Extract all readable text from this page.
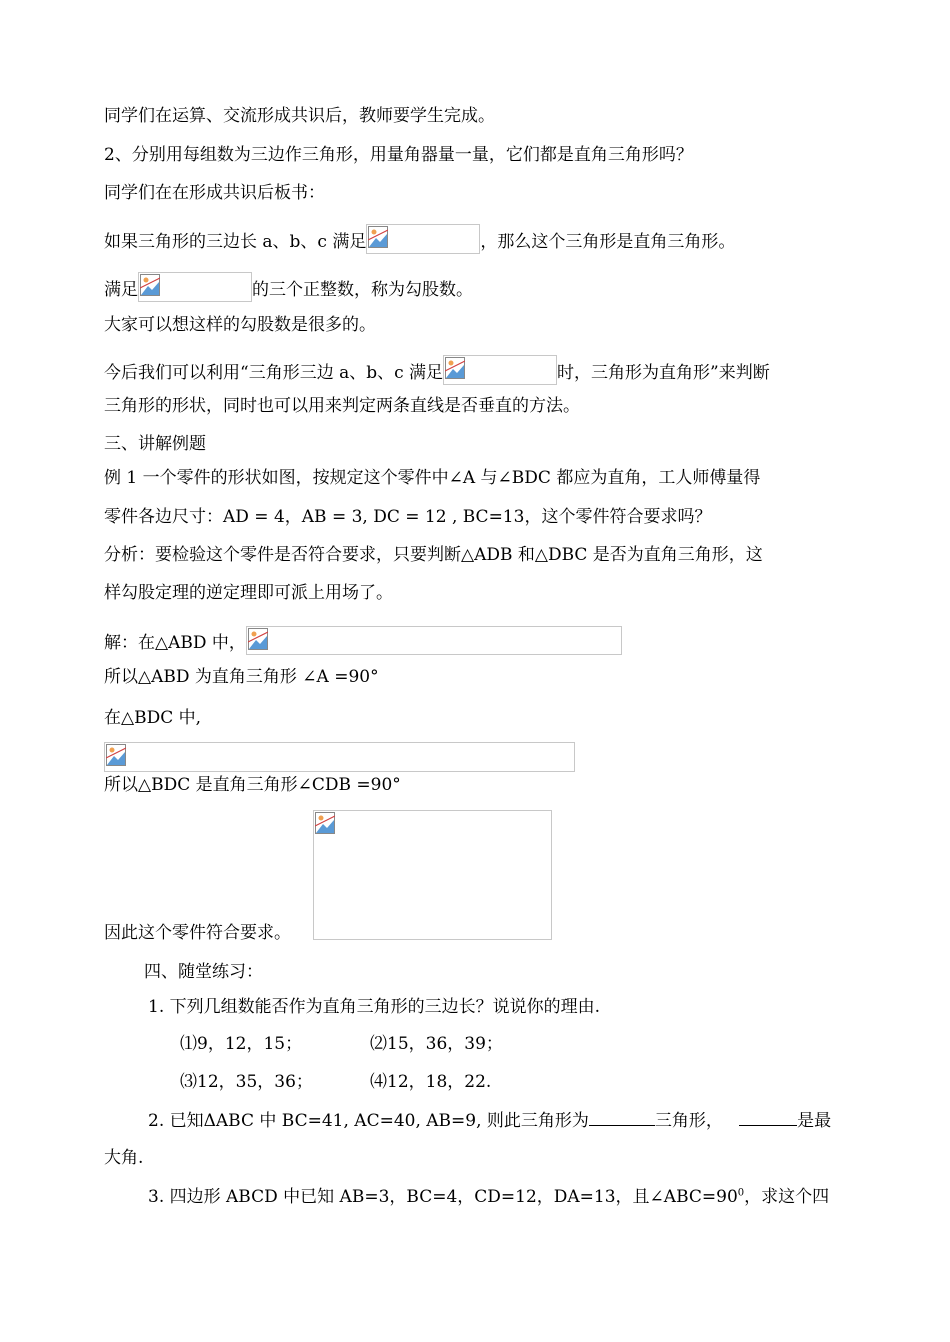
同学们在运算、交流形成共识后，教师要学生完成。
2、分别用每组数为三边作三角形，用量角器量一量，它们都是直角三角形吗？
同学们在在形成共识后板书：
如果三角形的三边长 a、b、c 满足	，那么这个三角形是直角三角形。
满足	的三个正整数，称为勾股数。
大家可以想这样的勾股数是很多的。
今后我们可以利用“三角形三边 a、b、c 满足	时，三角形为直角形”来判断
三角形的形状，同时也可以用来判定两条直线是否垂直的方法。
三、讲解例题
例 1 一个零件的形状如图，按规定这个零件中∠A 与∠BDC 都应为直角，工人师傅量得
零件各边尺寸：AD = 4，AB = 3, DC = 12 , BC=13，这个零件符合要求吗？
分析：要检验这个零件是否符合要求，只要判断△ADB 和△DBC 是否为直角三角形，这
样勾股定理的逆定理即可派上用场了。
解：在△ABD 中，
所以△ABD 为直角三角形 ∠A =90°
在△BDC 中,
所以△BDC 是直角三角形∠CDB =90°
因此这个零件符合要求。
四、随堂练习：
1. 下列几组数能否作为直角三角形的三边长？说说你的理由.
⑴9，12，15；	⑵15，36，39；
⑶12，35，36；	⑷12，18，22.
2. 已知ΔABC 中 BC=41, AC=40, AB=9, 则此三角形为	三角形，	是最
大角.
3. 四边形 ABCD 中已知 AB=3，BC=4，CD=12，DA=13，且$\angle ABC=90^0$，求这个四
